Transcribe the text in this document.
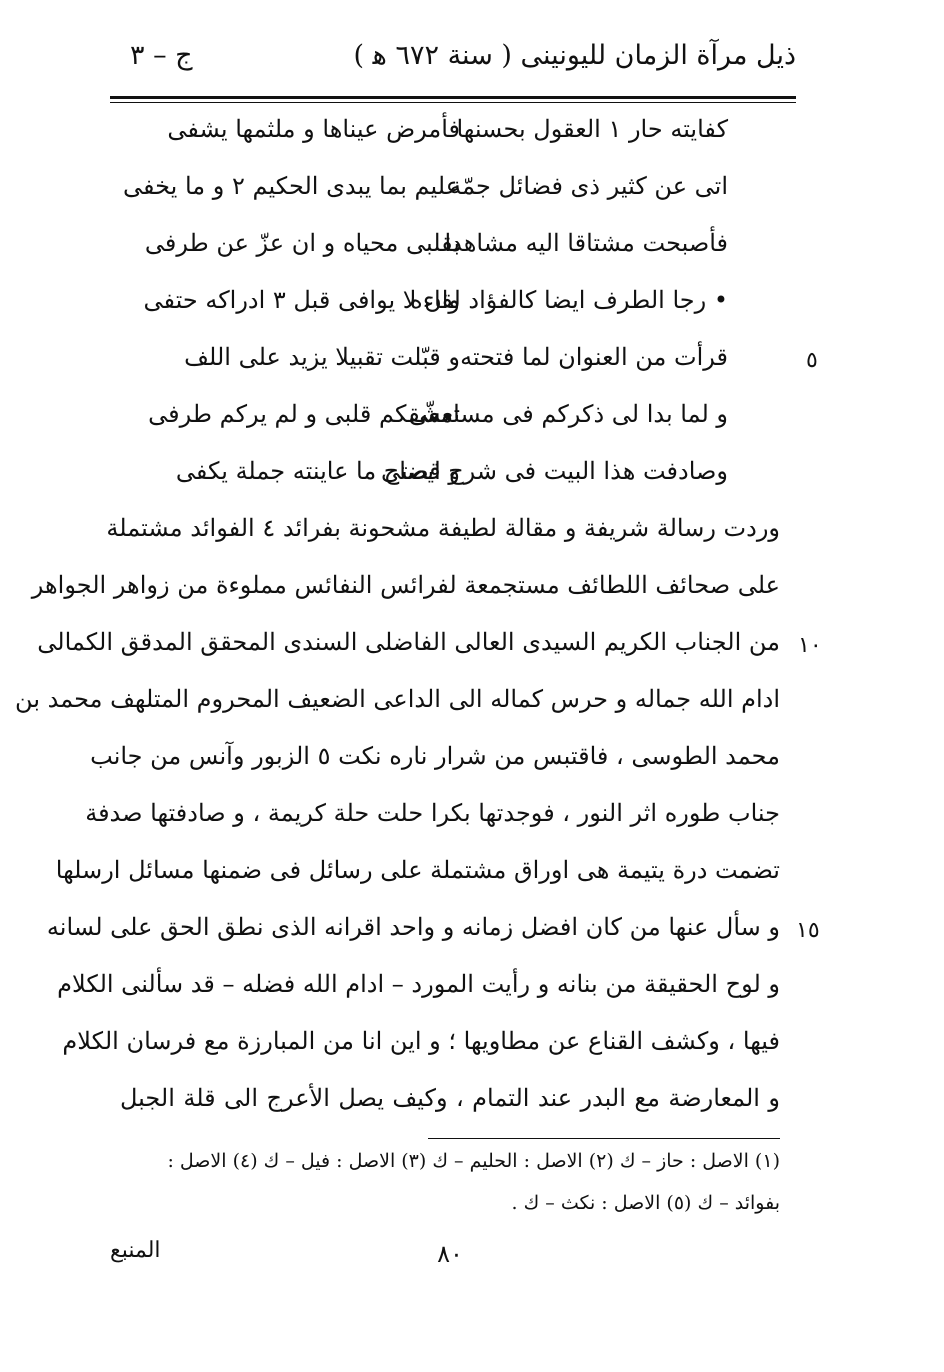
ذيل مرآة الزمان لليونينى ( سنة ٦٧٢ ﻫ )
ج – ٣
كفايته حار ١ العقول بحسنها
فأمرض عيناها و ملثمها يشفى
اتى عن كثير ذى فضائل جمّة
عليم بما يبدى الحكيم ٢ و ما يخفى
فأصبحت مشتاقا اليه مشاهدا
بقلبى محياه و ان عزّ عن طرفى
• رجا الطرف ايضا كالفؤاد لقاءه
وان لا يوافى قبل ٣ ادراكه حتفى
قرأت من العنوان لما فتحته
و قبّلت تقبيلا يزيد على اللف
و لما بدا لى ذكركم فى مسامعى
تعشّقكم قلبى و لم يركم طرفى
وصادفت هذا البيت فى شرح قصتى
و ايضاح ما عاينته جملة يكفى
وردت رسالة شريفة و مقالة لطيفة مشحونة بفرائد ٤ الفوائد مشتملة
على صحائف اللطائف مستجمعة لفرائس النفائس مملوءة من زواهر الجواهر
من الجناب الكريم السيدى العالى الفاضلى السندى المحقق المدقق الكمالى
ادام الله جماله و حرس كماله الى الداعى الضعيف المحروم المتلهف محمد بن
محمد الطوسى ، فاقتبس من شرار ناره نكت ٥ الزبور وآنس من جانب
جناب طوره اثر النور ، فوجدتها بكرا حلت حلة كريمة ، و صادفتها صدفة
تضمت درة يتيمة هى اوراق مشتملة على رسائل فى ضمنها مسائل ارسلها
و سأل عنها من كان افضل زمانه و واحد اقرانه الذى نطق الحق على لسانه
و لوح الحقيقة من بنانه و رأيت المورد – ادام الله فضله – قد سألنى الكلام
فيها ، وكشف القناع عن مطاويها ؛ و اين انا من المبارزة مع فرسان الكلام
و المعارضة مع البدر عند التمام ، وكيف يصل الأعرج الى قلة الجبل
٥
١٠
١٥
(١) الاصل : حاز – ك (٢) الاصل : الحليم – ك (٣) الاصل : فيل – ك (٤) الاصل :
بفوائد – ك (٥) الاصل : نكث – ك .
٨٠
المنبع
